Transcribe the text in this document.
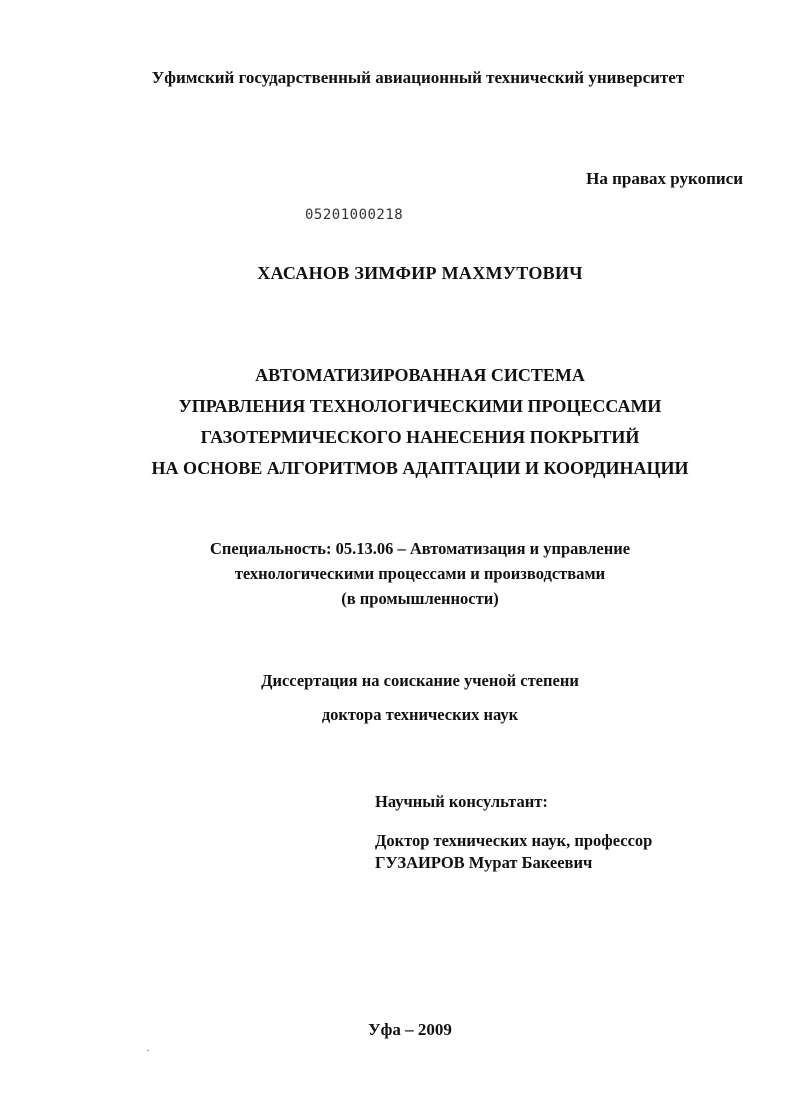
Уфимский государственный авиационный технический университет
На правах рукописи
05201000218
ХАСАНОВ ЗИМФИР МАХМУТОВИЧ
АВТОМАТИЗИРОВАННАЯ СИСТЕМА
УПРАВЛЕНИЯ ТЕХНОЛОГИЧЕСКИМИ ПРОЦЕССАМИ
ГАЗОТЕРМИЧЕСКОГО НАНЕСЕНИЯ ПОКРЫТИЙ
НА ОСНОВЕ АЛГОРИТМОВ АДАПТАЦИИ И КООРДИНАЦИИ
Специальность: 05.13.06 – Автоматизация и управление
технологическими процессами и производствами
(в промышленности)
Диссертация на соискание ученой степени
доктора технических наук
Научный консультант:
Доктор технических наук, профессор
ГУЗАИРОВ Мурат Бакеевич
Уфа – 2009
